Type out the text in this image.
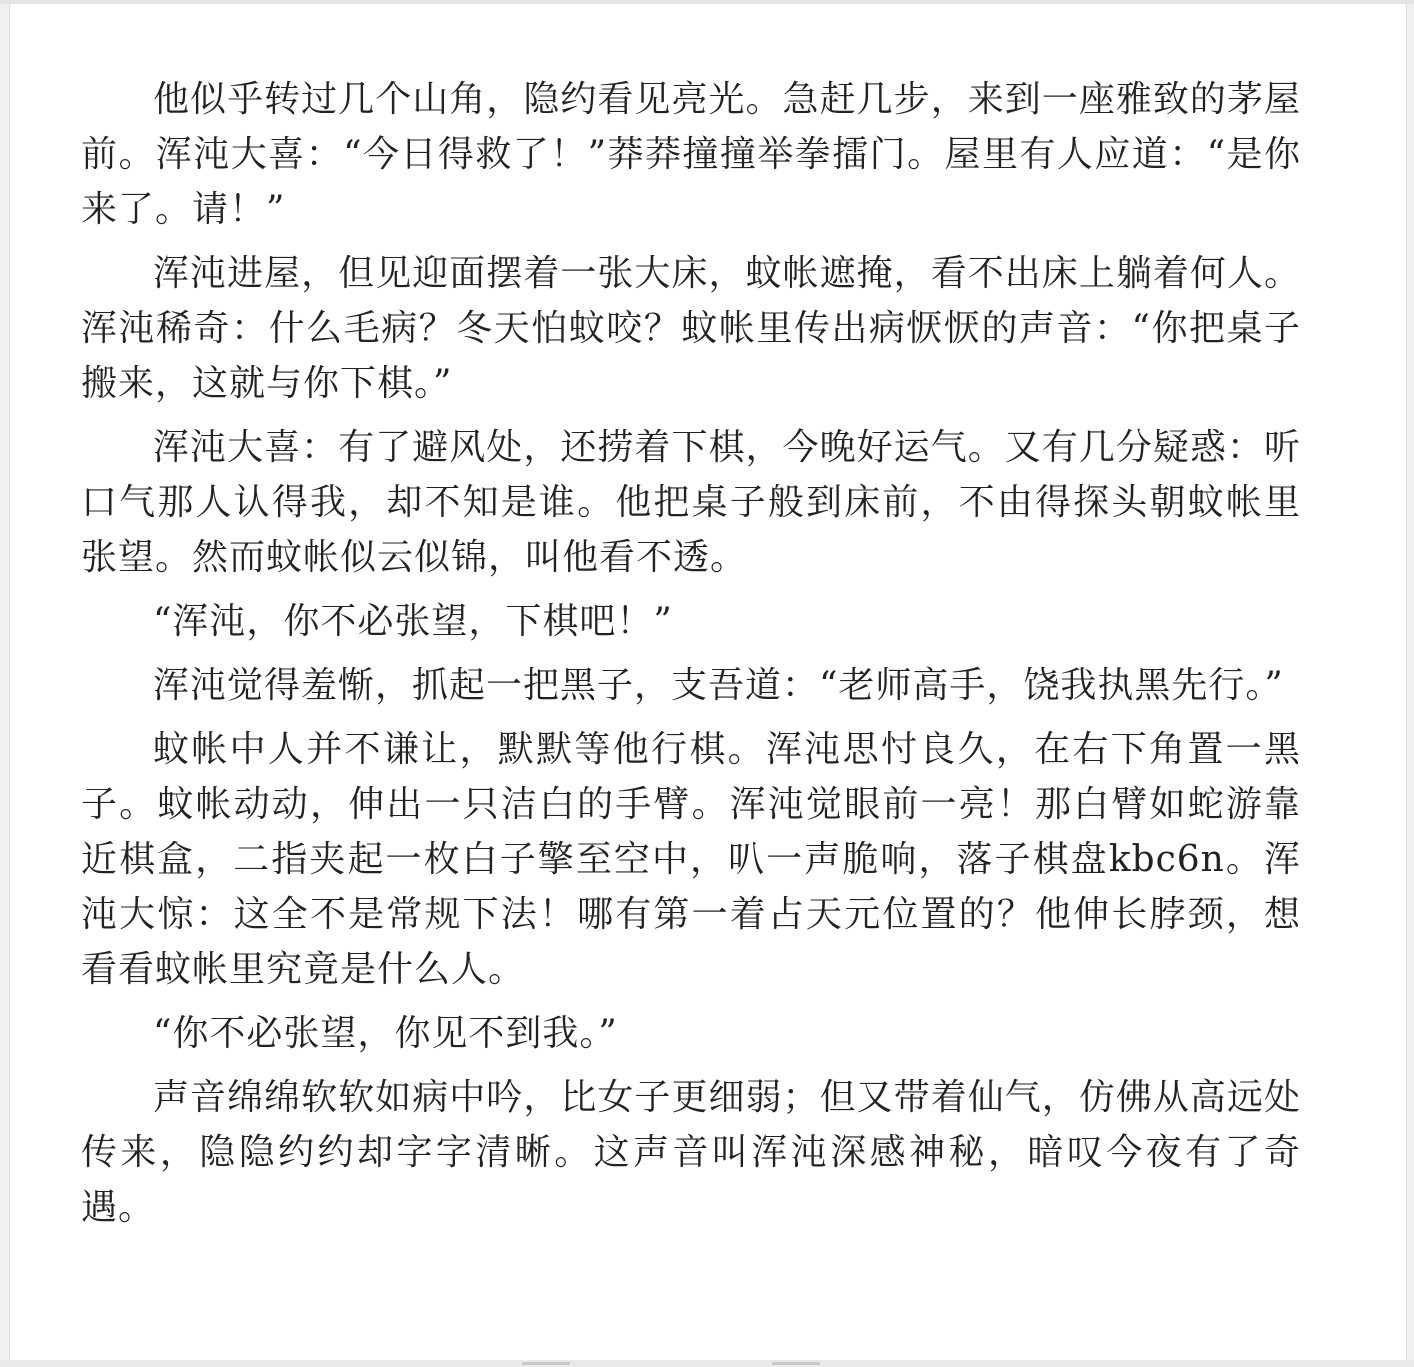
他似乎转过几个山角，隐约看见亮光。急赶几步，来到一座雅致的茅屋前。浑沌大喜：“今日得救了！”莽莽撞撞举拳擂门。屋里有人应道：“是你来了。请！”

浑沌进屋，但见迎面摆着一张大床，蚊帐遮掩，看不出床上躺着何人。浑沌稀奇：什么毛病？冬天怕蚊咬？蚊帐里传出病恹恹的声音：“你把桌子搬来，这就与你下棋。”

浑沌大喜：有了避风处，还捞着下棋，今晚好运气。又有几分疑惑：听口气那人认得我，却不知是谁。他把桌子般到床前，不由得探头朝蚊帐里张望。然而蚊帐似云似锦，叫他看不透。

“浑沌，你不必张望，下棋吧！”

浑沌觉得羞惭，抓起一把黑子，支吾道：“老师高手，饶我执黑先行。”

蚊帐中人并不谦让，默默等他行棋。浑沌思忖良久，在右下角置一黑子。蚊帐动动，伸出一只洁白的手臂。浑沌觉眼前一亮！那白臂如蛇游靠近棋盒，二指夹起一枚白子擎至空中，叭一声脆响，落子棋盘kbc6n。浑沌大惊：这全不是常规下法！哪有第一着占天元位置的？他伸长脖颈，想看看蚊帐里究竟是什么人。

“你不必张望，你见不到我。”

声音绵绵软软如病中吟，比女子更细弱；但又带着仙气，仿佛从高远处传来，隐隐约约却字字清晰。这声音叫浑沌深感神秘，暗叹今夜有了奇遇。
